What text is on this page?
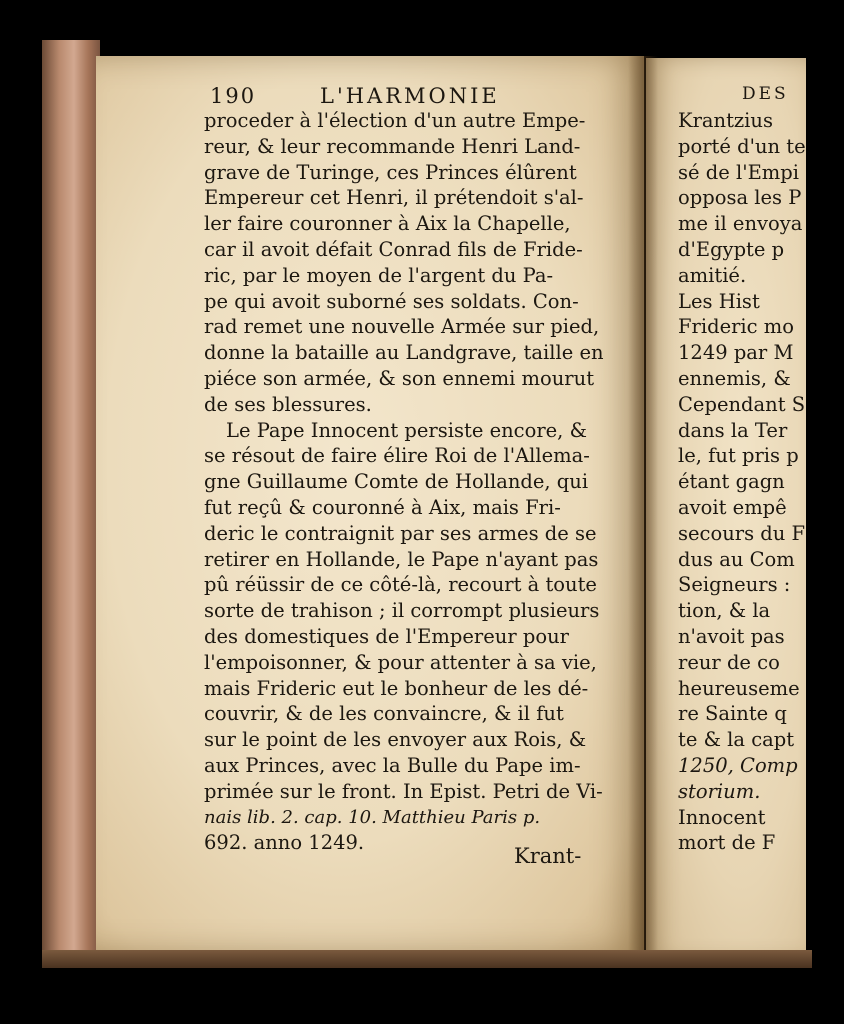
190	L'HARMONIE
proceder à l'élection d'un autre Empe-
reur, & leur recommande Henri Land-
grave de Turinge, ces Princes élûrent
Empereur cet Henri, il prétendoit s'al-
ler faire couronner à Aix la Chapelle,
car il avoit défait Conrad fils de Fride-
ric, par le moyen de l'argent du Pa-
pe qui avoit suborné ses soldats. Con-
rad remet une nouvelle Armée sur pied,
donne la bataille au Landgrave, taille en
piéce son armée, & son ennemi mourut
de ses blessures.
Le Pape Innocent persiste encore, &
se résout de faire élire Roi de l'Allema-
gne Guillaume Comte de Hollande, qui
fut reçû & couronné à Aix, mais Fri-
deric le contraignit par ses armes de se
retirer en Hollande, le Pape n'ayant pas
pû réüssir de ce côté-là, recourt à toute
sorte de trahison ; il corrompt plusieurs
des domestiques de l'Empereur pour
l'empoisonner, & pour attenter à sa vie,
mais Frideric eut le bonheur de les dé-
couvrir, & de les convaincre, & il fut
sur le point de les envoyer aux Rois, &
aux Princes, avec la Bulle du Pape im-
primée sur le front. In Epist. Petri de Vi-
nais lib. 2. cap. 10. Matthieu Paris p.
692. anno 1249.
Krant-
DES
Krantzius
porté d'un te
sé de l'Empi
opposa les P
me il envoya
d'Egypte p
amitié.
Les Hist
Frideric mo
1249 par M
ennemis, &
Cependant S
dans la Ter
le, fut pris p
étant gagn
avoit empê
secours du F
dus au Com
Seigneurs :
tion, & la
n'avoit pas
reur de co
heureuseme
re Sainte q
te & la capt
1250, Comp
storium.
Innocent
mort de F
